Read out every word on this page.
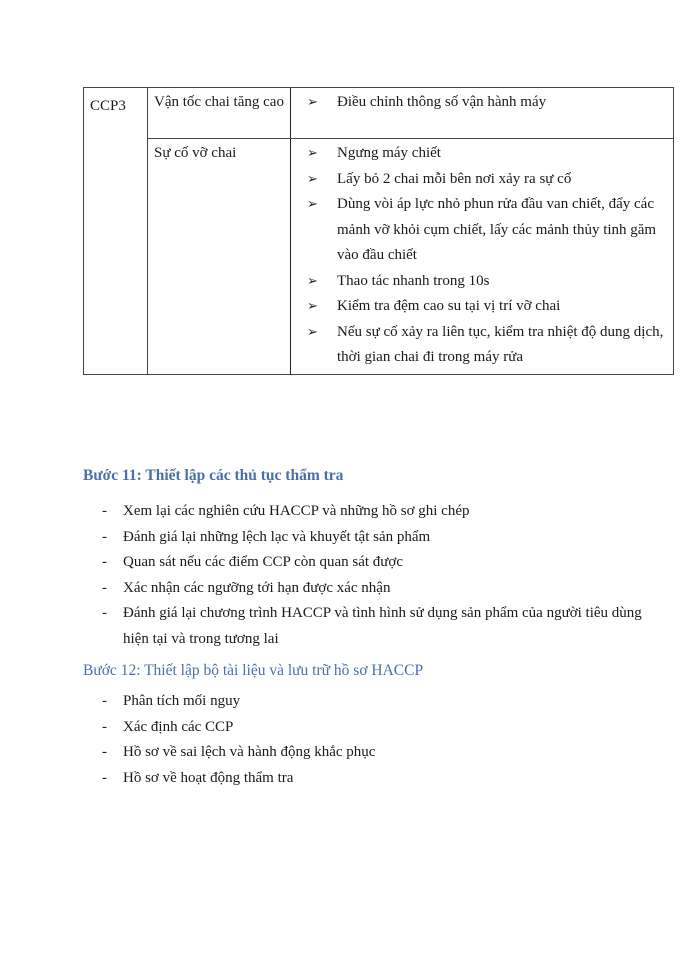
CCP3	Vận tốc chai tăng cao	➢	Điều chỉnh thông số vận hành máy
Sự cố vỡ chai	➢	Ngưng máy chiết
➢	Lấy bỏ 2 chai mỗi bên nơi xảy ra sự cố
➢	Dùng vòi áp lực nhỏ phun rửa đầu van chiết, đẩy các mảnh vỡ khỏi cụm chiết, lấy các mảnh thủy tinh găm vào đầu chiết
➢	Thao tác nhanh trong 10s
➢	Kiểm tra đệm cao su tại vị trí vỡ chai
➢	Nếu sự cố xảy ra liên tục, kiểm tra nhiệt độ dung dịch, thời gian chai đi trong máy rửa
Bước 11: Thiết lập các thủ tục thẩm tra
- Xem lại các nghiên cứu HACCP và những hồ sơ ghi chép
- Đánh giá lại những lệch lạc và khuyết tật sản phẩm
- Quan sát nếu các điểm CCP còn quan sát được
- Xác nhận các ngưỡng tới hạn được xác nhận
- Đánh giá lại chương trình HACCP và tình hình sử dụng sản phẩm của người tiêu dùng hiện tại và trong tương lai
Bước 12: Thiết lập bộ tài liệu và lưu trữ hồ sơ HACCP
- Phân tích mối nguy
- Xác định các CCP
- Hồ sơ về sai lệch và hành động khắc phục
- Hồ sơ về hoạt động thẩm tra
